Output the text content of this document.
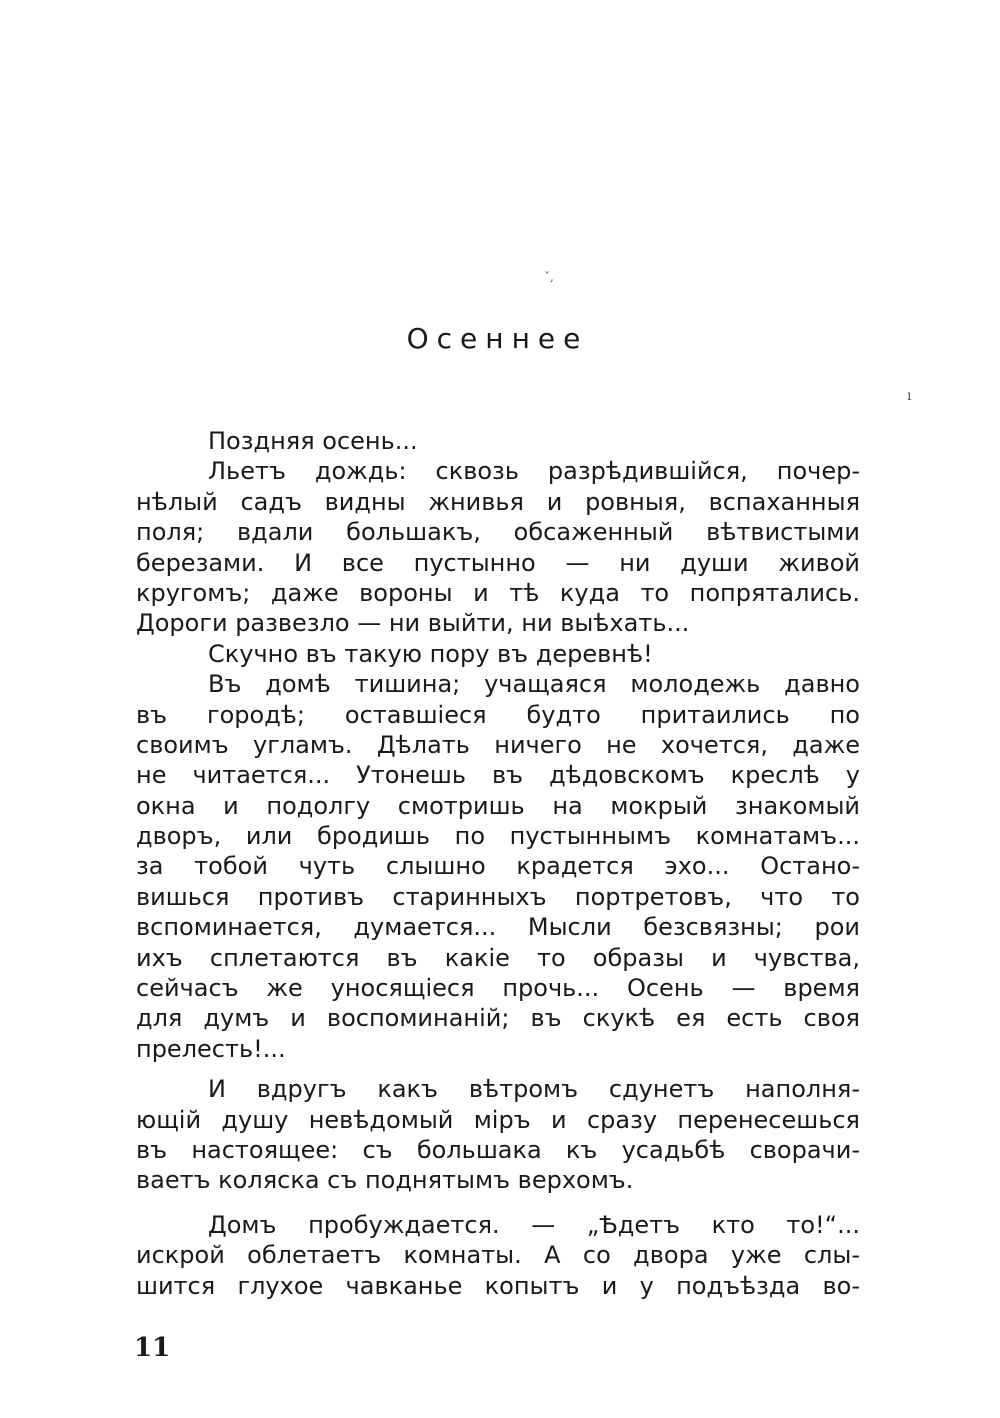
ˇ,
ı
Осеннее
Поздняя осень...
Льетъ дождь: сквозь разрѣдившійся, почер-
нѣлый садъ видны жнивья и ровныя, вспаханныя
поля; вдали большакъ, обсаженный вѣтвистыми
березами. И все пустынно — ни души живой
кругомъ; даже вороны и тѣ куда то попрятались.
Дороги развезло — ни выйти, ни выѣхать...
Скучно въ такую пору въ деревнѣ!
Въ домѣ тишина; учащаяся молодежь давно
въ городѣ; оставшіеся будто притаились по
своимъ угламъ. Дѣлать ничего не хочется, даже
не читается... Утонешь въ дѣдовскомъ креслѣ у
окна и подолгу смотришь на мокрый знакомый
дворъ, или бродишь по пустыннымъ комнатамъ...
за тобой чуть слышно крадется эхо... Остано-
вишься противъ старинныхъ портретовъ, что то
вспоминается, думается... Мысли безсвязны; рои
ихъ сплетаются въ какіе то образы и чувства,
сейчасъ же уносящіеся прочь... Осень — время
для думъ и воспоминаній; въ скукѣ ея есть своя
прелесть!...
И вдругъ какъ вѣтромъ сдунетъ наполня-
ющій душу невѣдомый міръ и сразу перенесешься
въ настоящее: съ большака къ усадьбѣ сворачи-
ваетъ коляска съ поднятымъ верхомъ.
Домъ пробуждается. — „Ѣдетъ кто то!“...
искрой облетаетъ комнаты. А со двора уже слы-
шится глухое чавканье копытъ и у подъѣзда во-
11
